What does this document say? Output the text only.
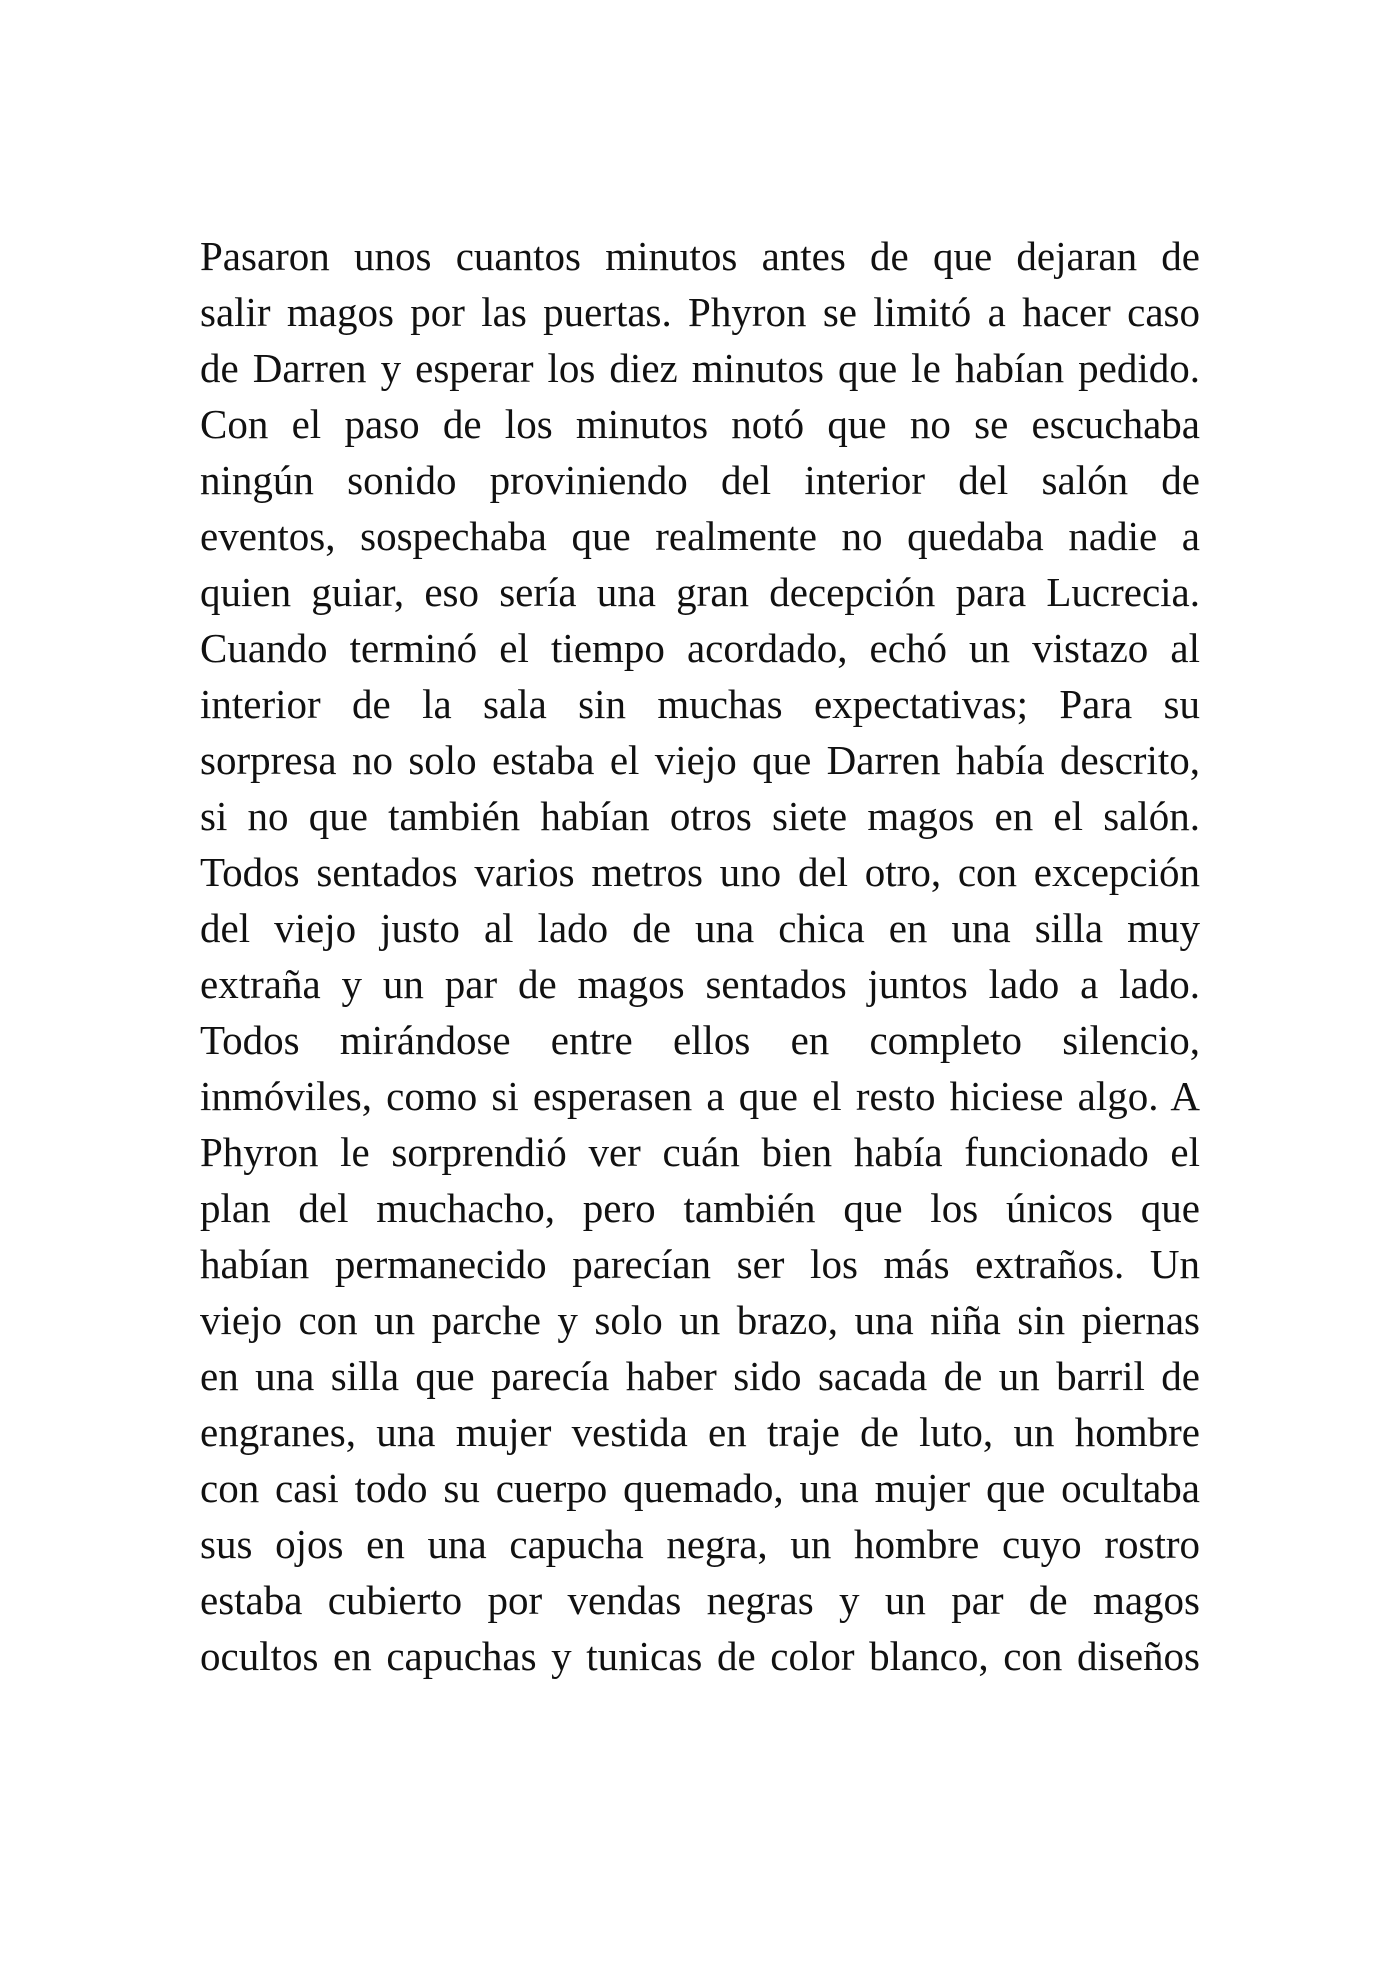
Pasaron unos cuantos minutos antes de que dejaran de
salir magos por las puertas. Phyron se limitó a hacer caso
de Darren y esperar los diez minutos que le habían pedido.
Con el paso de los minutos notó que no se escuchaba
ningún sonido proviniendo del interior del salón de
eventos, sospechaba que realmente no quedaba nadie a
quien guiar, eso sería una gran decepción para Lucrecia.
Cuando terminó el tiempo acordado, echó un vistazo al
interior de la sala sin muchas expectativas; Para su
sorpresa no solo estaba el viejo que Darren había descrito,
si no que también habían otros siete magos en el salón.
Todos sentados varios metros uno del otro, con excepción
del viejo justo al lado de una chica en una silla muy
extraña y un par de magos sentados juntos lado a lado.
Todos mirándose entre ellos en completo silencio,
inmóviles, como si esperasen a que el resto hiciese algo. A
Phyron le sorprendió ver cuán bien había funcionado el
plan del muchacho, pero también que los únicos que
habían permanecido parecían ser los más extraños. Un
viejo con un parche y solo un brazo, una niña sin piernas
en una silla que parecía haber sido sacada de un barril de
engranes, una mujer vestida en traje de luto, un hombre
con casi todo su cuerpo quemado, una mujer que ocultaba
sus ojos en una capucha negra, un hombre cuyo rostro
estaba cubierto por vendas negras y un par de magos
ocultos en capuchas y tunicas de color blanco, con diseños
